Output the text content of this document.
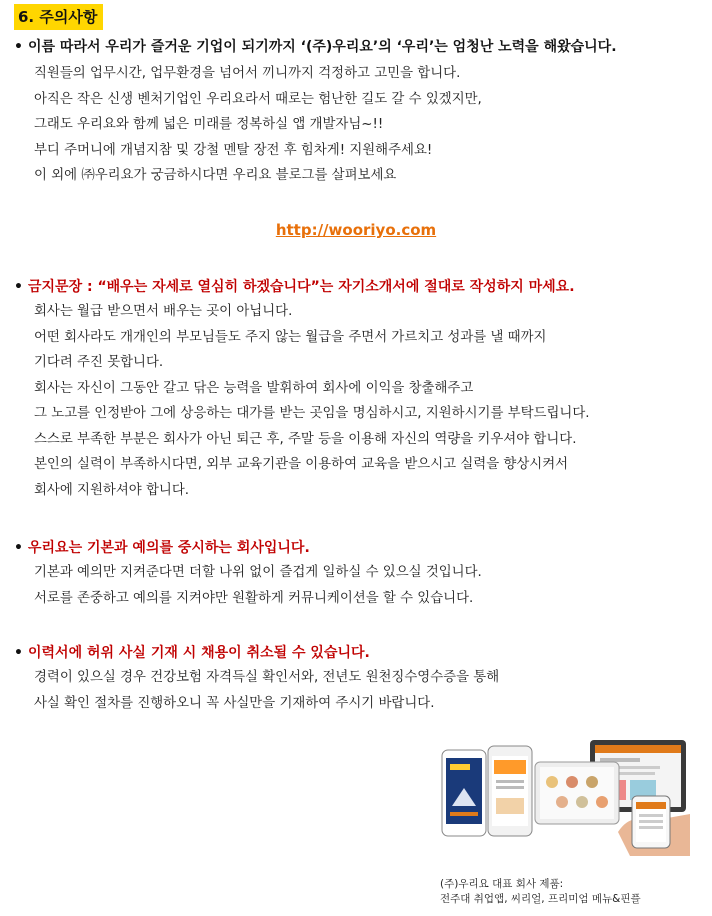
6. 주의사항
• 이름 따라서 우리가 즐거운 기업이 되기까지 ‘(주)우리요’의 ‘우리’는 엄청난 노력을 해왔습니다.
직원들의 업무시간, 업무환경을 넘어서 끼니까지 걱정하고 고민을 합니다.
아직은 작은 신생 벤처기업인 우리요라서 때로는 험난한 길도 갈 수 있겠지만,
그래도 우리요와 함께 넓은 미래를 정복하실 앱 개발자님~!!
부디 주머니에 개념지참 및 강철 멘탈 장전 후 힘차게! 지원해주세요!
이 외에 ㈜우리요가 궁금하시다면 우리요 블로그를 살펴보세요
http://wooriyo.com
• 금지문장 : “배우는 자세로 열심히 하겠습니다”는 자기소개서에 절대로 작성하지 마세요.
회사는 월급 받으면서 배우는 곳이 아닙니다.
어떤 회사라도 개개인의 부모님들도 주지 않는 월급을 주면서 가르치고 성과를 낼 때까지
기다려 주진 못합니다.
회사는 자신이 그동안 갈고 닦은 능력을 발휘하여 회사에 이익을 창출해주고
그 노고를 인정받아 그에 상응하는 대가를 받는 곳임을 명심하시고, 지원하시기를 부탁드립니다.
스스로 부족한 부분은 회사가 아닌 퇴근 후, 주말 등을 이용해 자신의 역량을 키우셔야 합니다.
본인의 실력이 부족하시다면, 외부 교육기관을 이용하여 교육을 받으시고 실력을 향상시켜서
회사에 지원하셔야 합니다.
• 우리요는 기본과 예의를 중시하는 회사입니다.
기본과 예의만 지켜준다면 더할 나위 없이 즐겁게 일하실 수 있으실 것입니다.
서로를 존중하고 예의를 지켜야만 원활하게 커뮤니케이션을 할 수 있습니다.
• 이력서에 허위 사실 기재 시 채용이 취소될 수 있습니다.
경력이 있으실 경우 건강보험 자격득실 확인서와, 전년도 원천징수영수증을 통해
사실 확인 절차를 진행하오니 꼭 사실만을 기재하여 주시기 바랍니다.
(주)우리요 대표 회사 제품:
전주대 취업앱, 씨리얼, 프리미엄 메뉴&핀플
